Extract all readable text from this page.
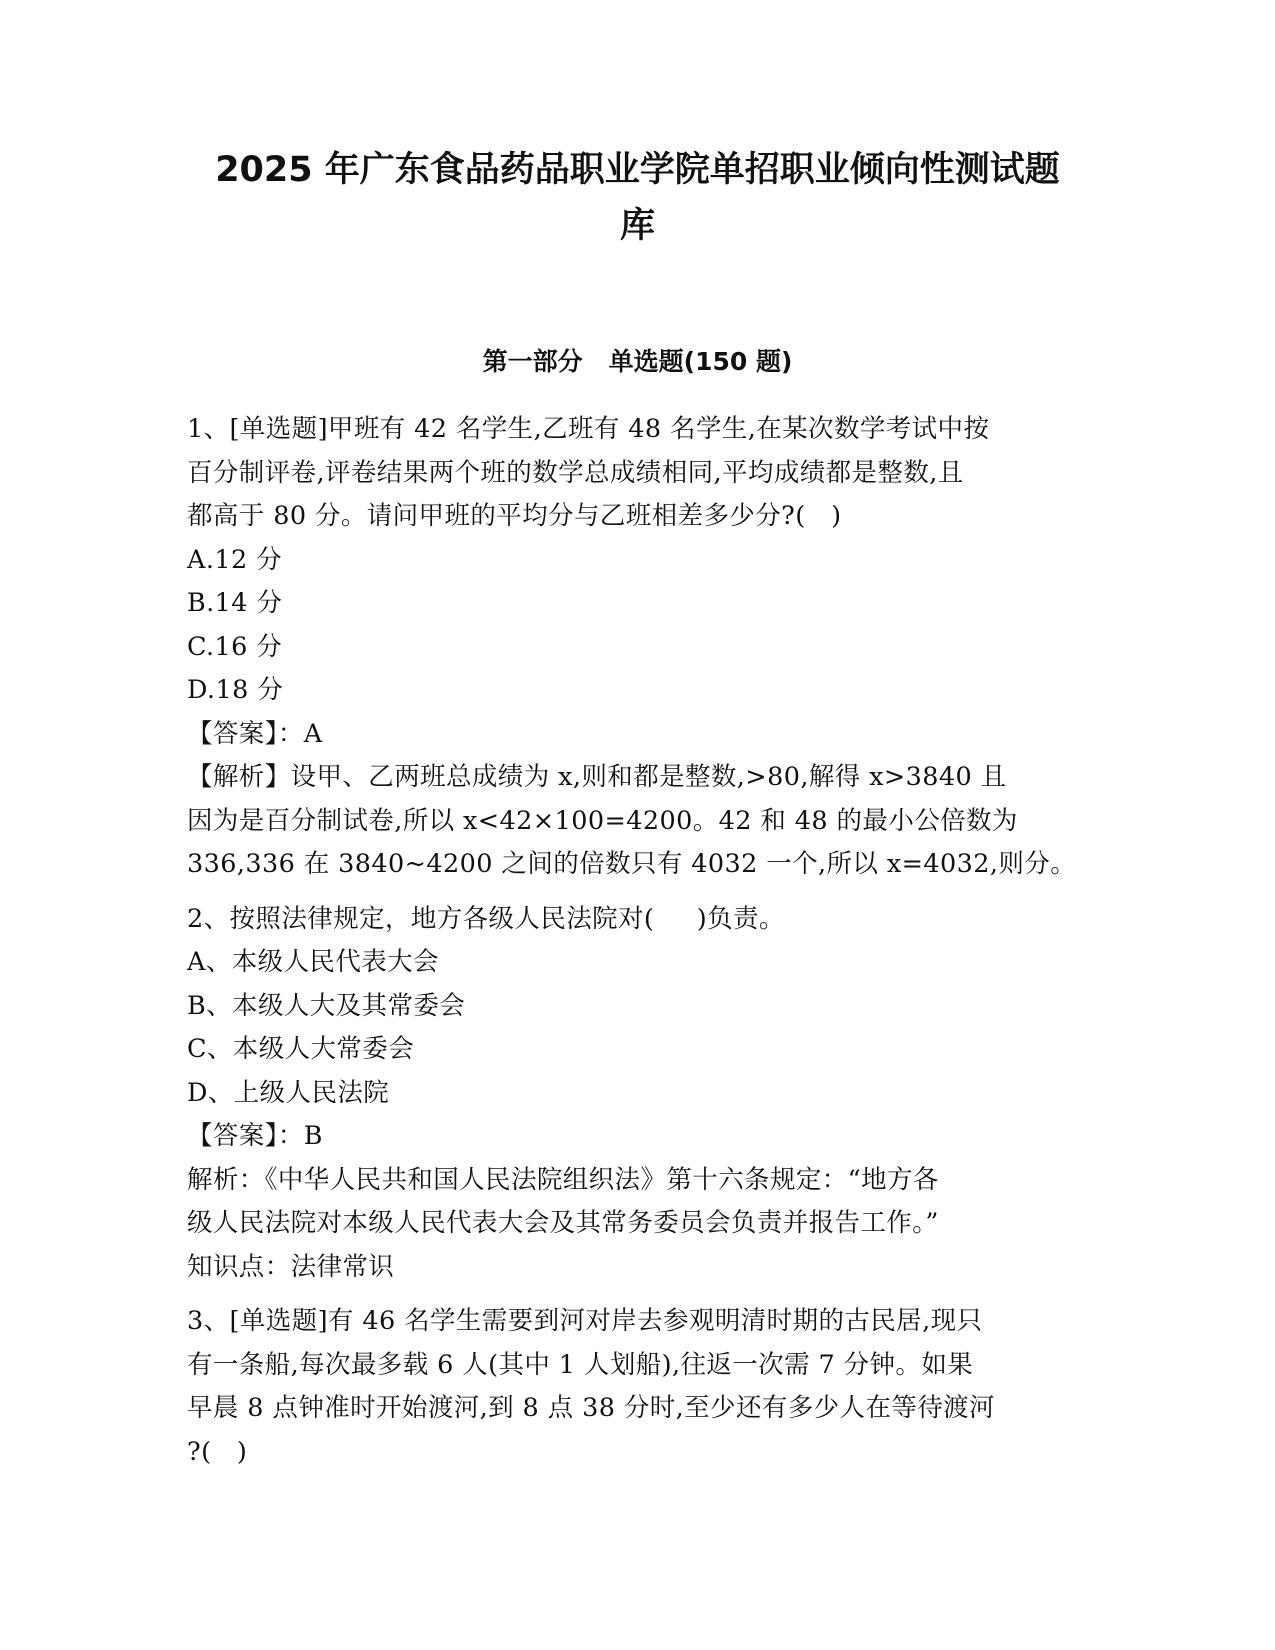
2025 年广东食品药品职业学院单招职业倾向性测试题
库
第一部分   单选题(150 题)
1、[单选题]甲班有 42 名学生,乙班有 48 名学生,在某次数学考试中按
百分制评卷,评卷结果两个班的数学总成绩相同,平均成绩都是整数,且
都高于 80 分。请问甲班的平均分与乙班相差多少分?(   )
A.12 分
B.14 分
C.16 分
D.18 分
【答案】：A
【解析】设甲、乙两班总成绩为 x,则和都是整数,>80,解得 x>3840 且
因为是百分制试卷,所以 x<42×100=4200。42 和 48 的最小公倍数为
336,336 在 3840~4200 之间的倍数只有 4032 一个,所以 x=4032,则分。
2、按照法律规定，地方各级人民法院对(     )负责。
A、本级人民代表大会
B、本级人大及其常委会
C、本级人大常委会
D、上级人民法院
【答案】：B
解析：《中华人民共和国人民法院组织法》第十六条规定：“地方各
级人民法院对本级人民代表大会及其常务委员会负责并报告工作。”
知识点：法律常识
3、[单选题]有 46 名学生需要到河对岸去参观明清时期的古民居,现只
有一条船,每次最多载 6 人(其中 1 人划船),往返一次需 7 分钟。如果
早晨 8 点钟准时开始渡河,到 8 点 38 分时,至少还有多少人在等待渡河
?(   )
